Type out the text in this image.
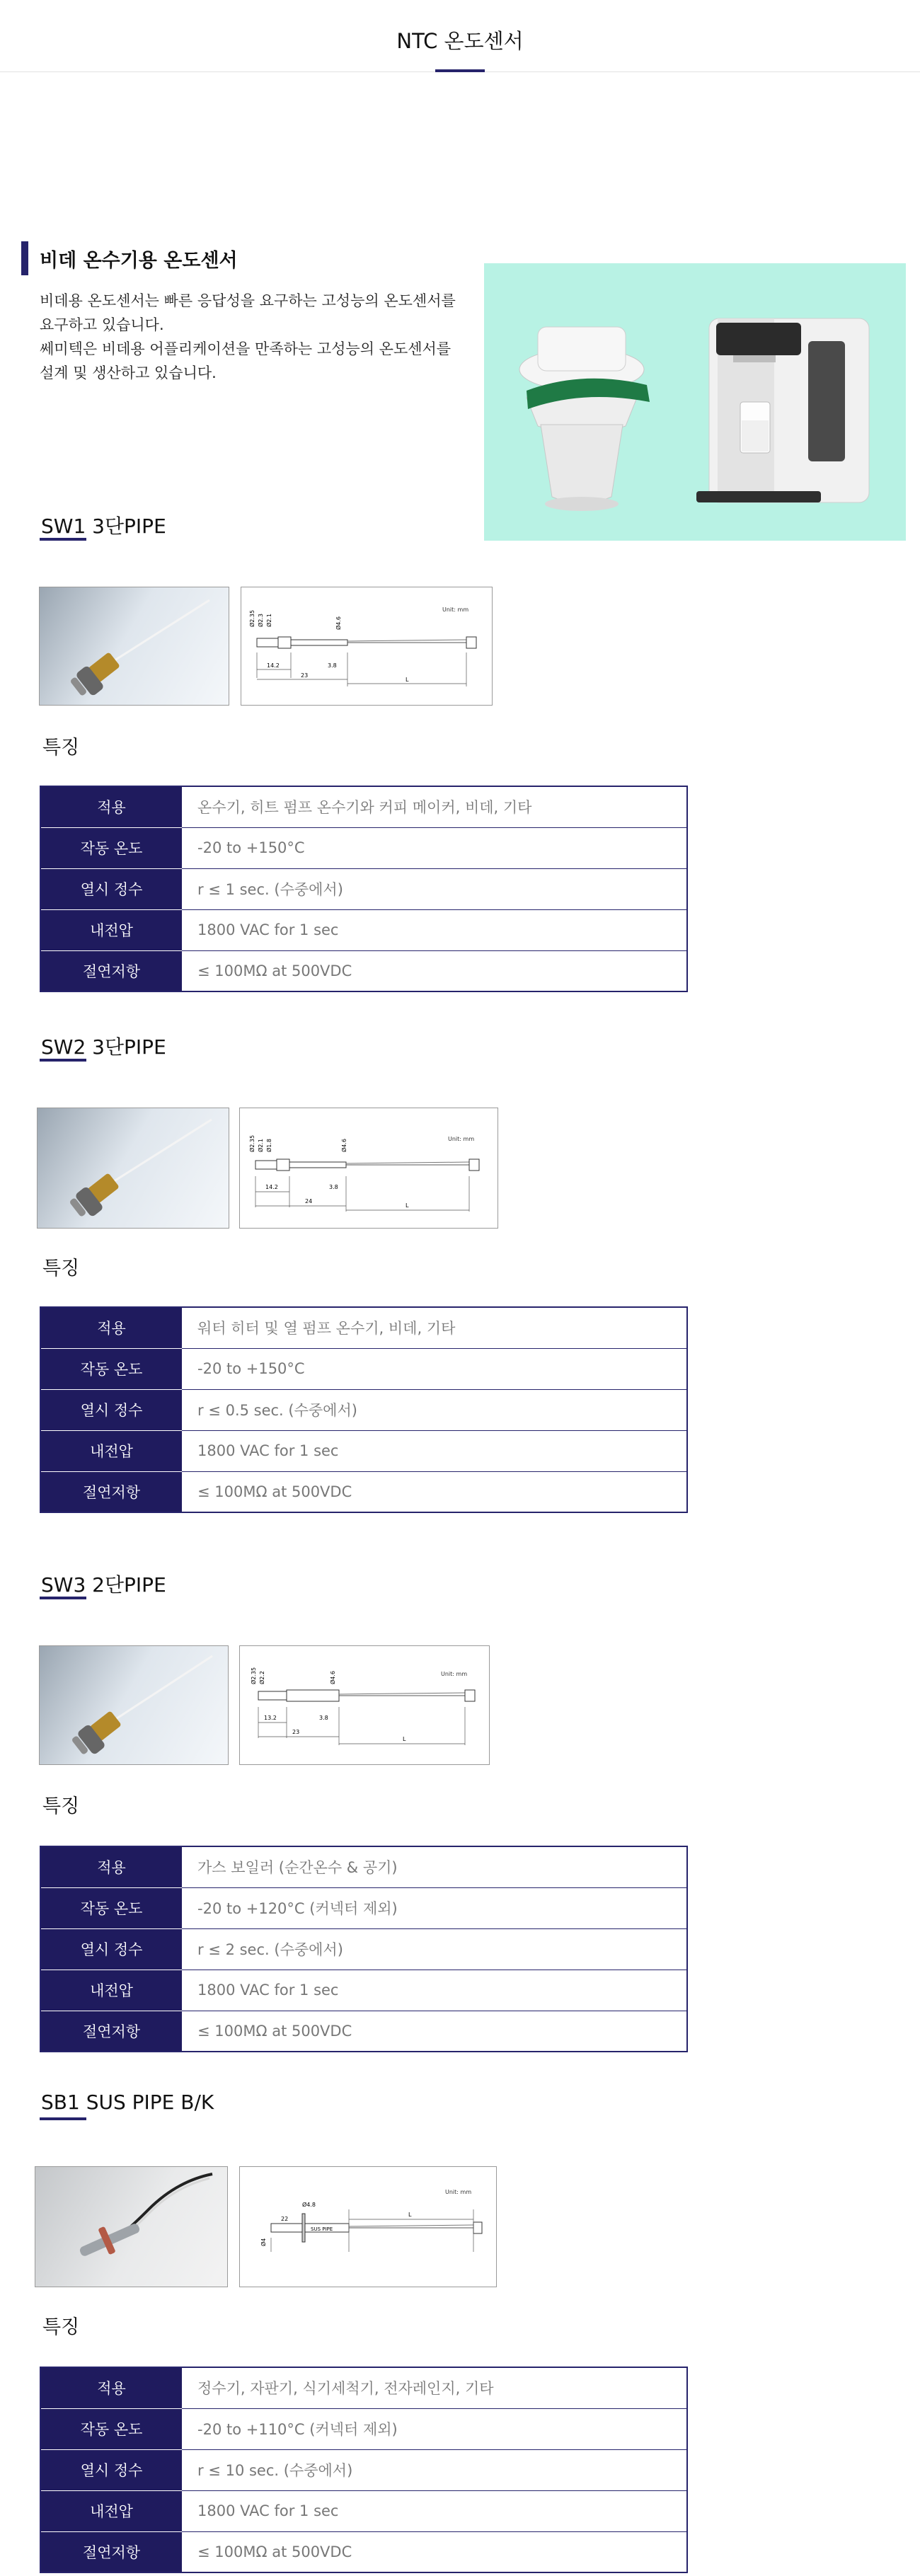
NTC 온도센서
비데 온수기용 온도센서

비데용 온도센서는 빠른 응답성을 요구하는 고성능의 온도센서를

요구하고 있습니다.

쎄미텍은 비데용 어플리케이션을 만족하는 고성능의 온도센서를

설계 및 생산하고 있습니다.

SW1 3단PIPE
Unit: mm
Ø2.35 Ø2.3 Ø2.1	Ø4.6
14.2	3.8
23
L
특징
적용	온수기, 히트 펌프 온수기와 커피 메이커, 비데, 기타
작동 온도	-20 to +150°C
열시 정수	r ≤ 1 sec. (수중에서)
내전압	1800 VAC for 1 sec
절연저항	≤ 100MΩ at 500VDC
SW2 3단PIPE
Unit: mm
Ø2.35 Ø2.1 Ø1.8	Ø4.6
14.2	3.8
24
L
특징
적용	워터 히터 및 열 펌프 온수기, 비데, 기타
작동 온도	-20 to +150°C
열시 정수	r ≤ 0.5 sec. (수중에서)
내전압	1800 VAC for 1 sec
절연저항	≤ 100MΩ at 500VDC
SW3 2단PIPE
Unit: mm
Ø2.35 Ø2.2	Ø4.6
13.2	3.8
23
L
특징
적용	가스 보일러 (순간온수 & 공기)
작동 온도	-20 to +120°C (커넥터 제외)
열시 정수	r ≤ 2 sec. (수중에서)
내전압	1800 VAC for 1 sec
절연저항	≤ 100MΩ at 500VDC
SB1 SUS PIPE B/K
Unit: mm
Ø4
Ø4.8
22
SUS PIPE
L
특징
적용	정수기, 자판기, 식기세척기, 전자레인지, 기타
작동 온도	-20 to +110°C (커넥터 제외)
열시 정수	r ≤ 10 sec. (수중에서)
내전압	1800 VAC for 1 sec
절연저항	≤ 100MΩ at 500VDC
